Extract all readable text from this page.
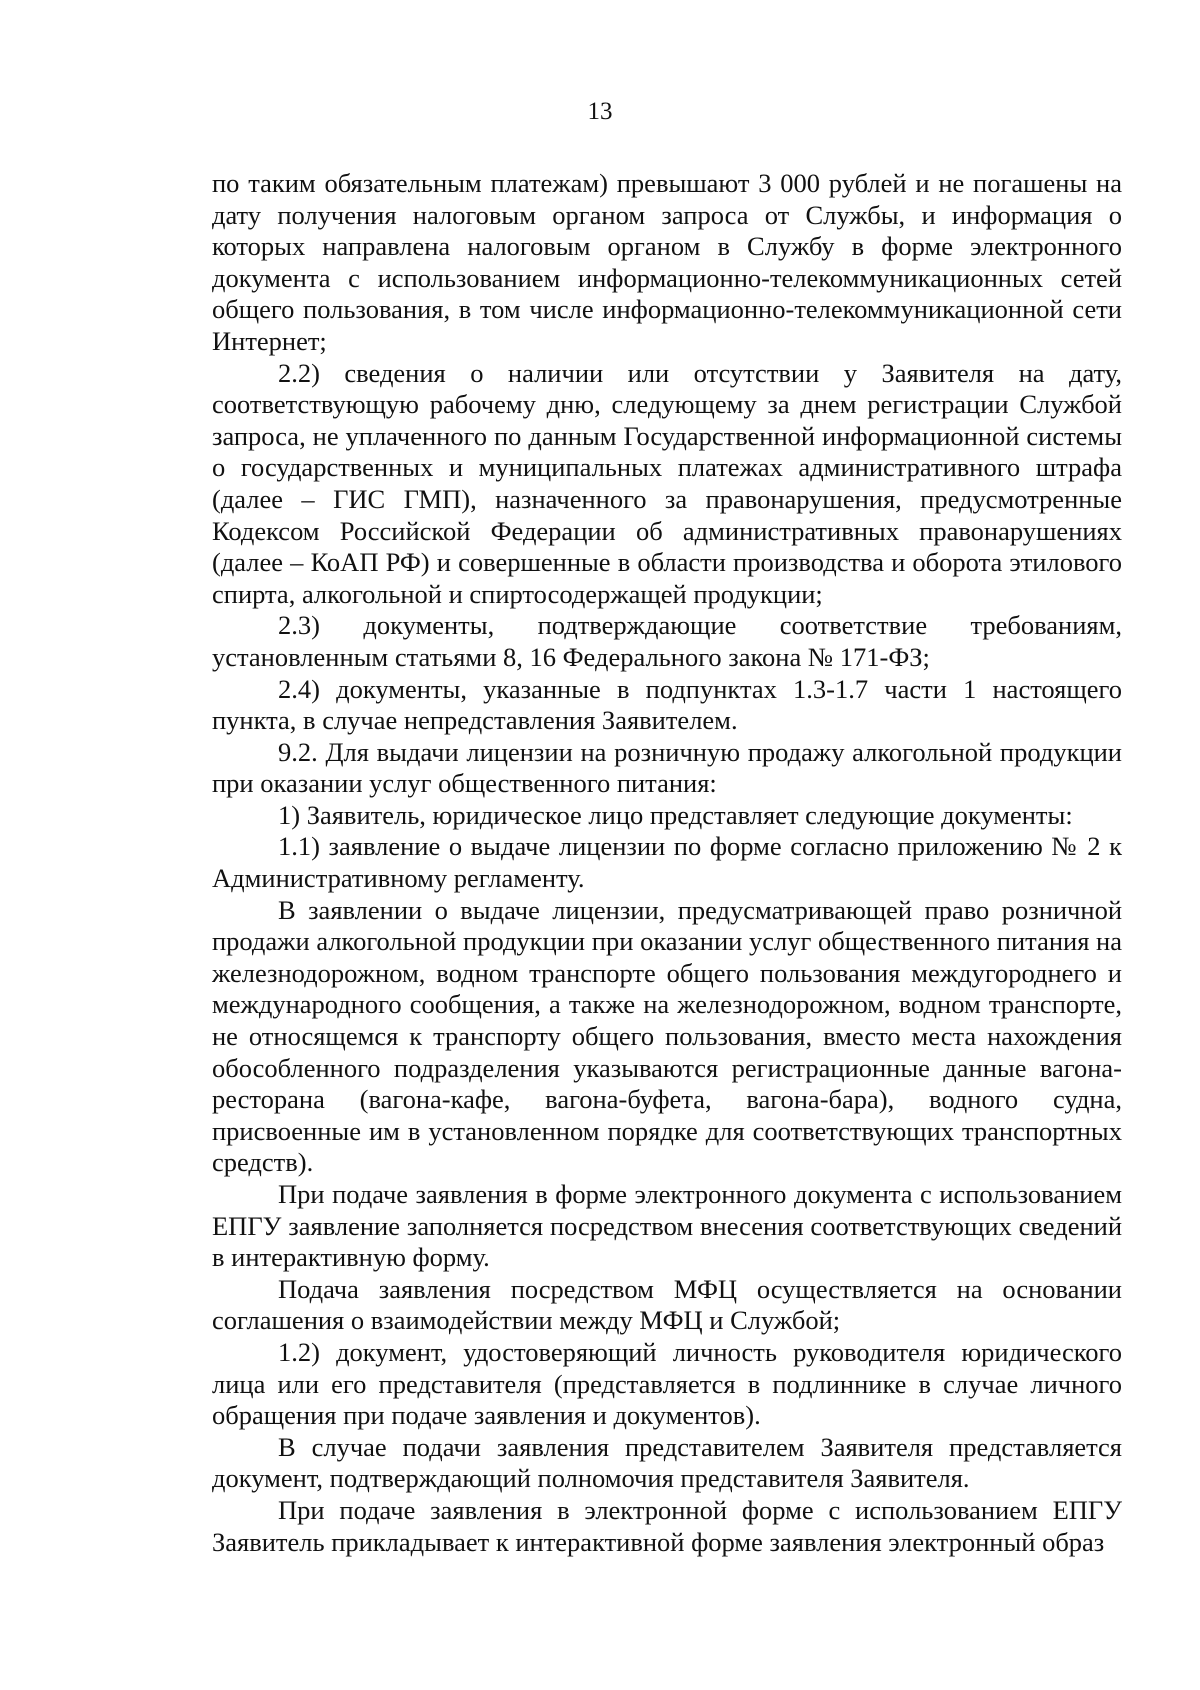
13

по таким обязательным платежам) превышают 3 000 рублей и не погашены на дату получения налоговым органом запроса от Службы, и информация о которых направлена налоговым органом в Службу в форме электронного документа с использованием информационно-телекоммуникационных сетей общего пользования, в том числе информационно-телекоммуникационной сети Интернет;

2.2) сведения о наличии или отсутствии у Заявителя на дату, соответствующую рабочему дню, следующему за днем регистрации Службой запроса, не уплаченного по данным Государственной информационной системы о государственных и муниципальных платежах административного штрафа (далее – ГИС ГМП), назначенного за правонарушения, предусмотренные Кодексом Российской Федерации об административных правонарушениях (далее – КоАП РФ) и совершенные в области производства и оборота этилового спирта, алкогольной и спиртосодержащей продукции;

2.3) документы, подтверждающие соответствие требованиям, установленным статьями 8, 16 Федерального закона № 171-ФЗ;

2.4) документы, указанные в подпунктах 1.3-1.7 части 1 настоящего пункта, в случае непредставления Заявителем.

9.2. Для выдачи лицензии на розничную продажу алкогольной продукции при оказании услуг общественного питания:

1) Заявитель, юридическое лицо представляет следующие документы:

1.1) заявление о выдаче лицензии по форме согласно приложению № 2 к Административному регламенту.

В заявлении о выдаче лицензии, предусматривающей право розничной продажи алкогольной продукции при оказании услуг общественного питания на железнодорожном, водном транспорте общего пользования междугороднего и международного сообщения, а также на железнодорожном, водном транспорте, не относящемся к транспорту общего пользования, вместо места нахождения обособленного подразделения указываются регистрационные данные вагона-ресторана (вагона-кафе, вагона-буфета, вагона-бара), водного судна, присвоенные им в установленном порядке для соответствующих транспортных средств).

При подаче заявления в форме электронного документа с использованием ЕПГУ заявление заполняется посредством внесения соответствующих сведений в интерактивную форму.

Подача заявления посредством МФЦ осуществляется на основании соглашения о взаимодействии между МФЦ и Службой;

1.2) документ, удостоверяющий личность руководителя юридического лица или его представителя (представляется в подлиннике в случае личного обращения при подаче заявления и документов).

В случае подачи заявления представителем Заявителя представляется документ, подтверждающий полномочия представителя Заявителя.

При подаче заявления в электронной форме с использованием ЕПГУ Заявитель прикладывает к интерактивной форме заявления электронный образ
